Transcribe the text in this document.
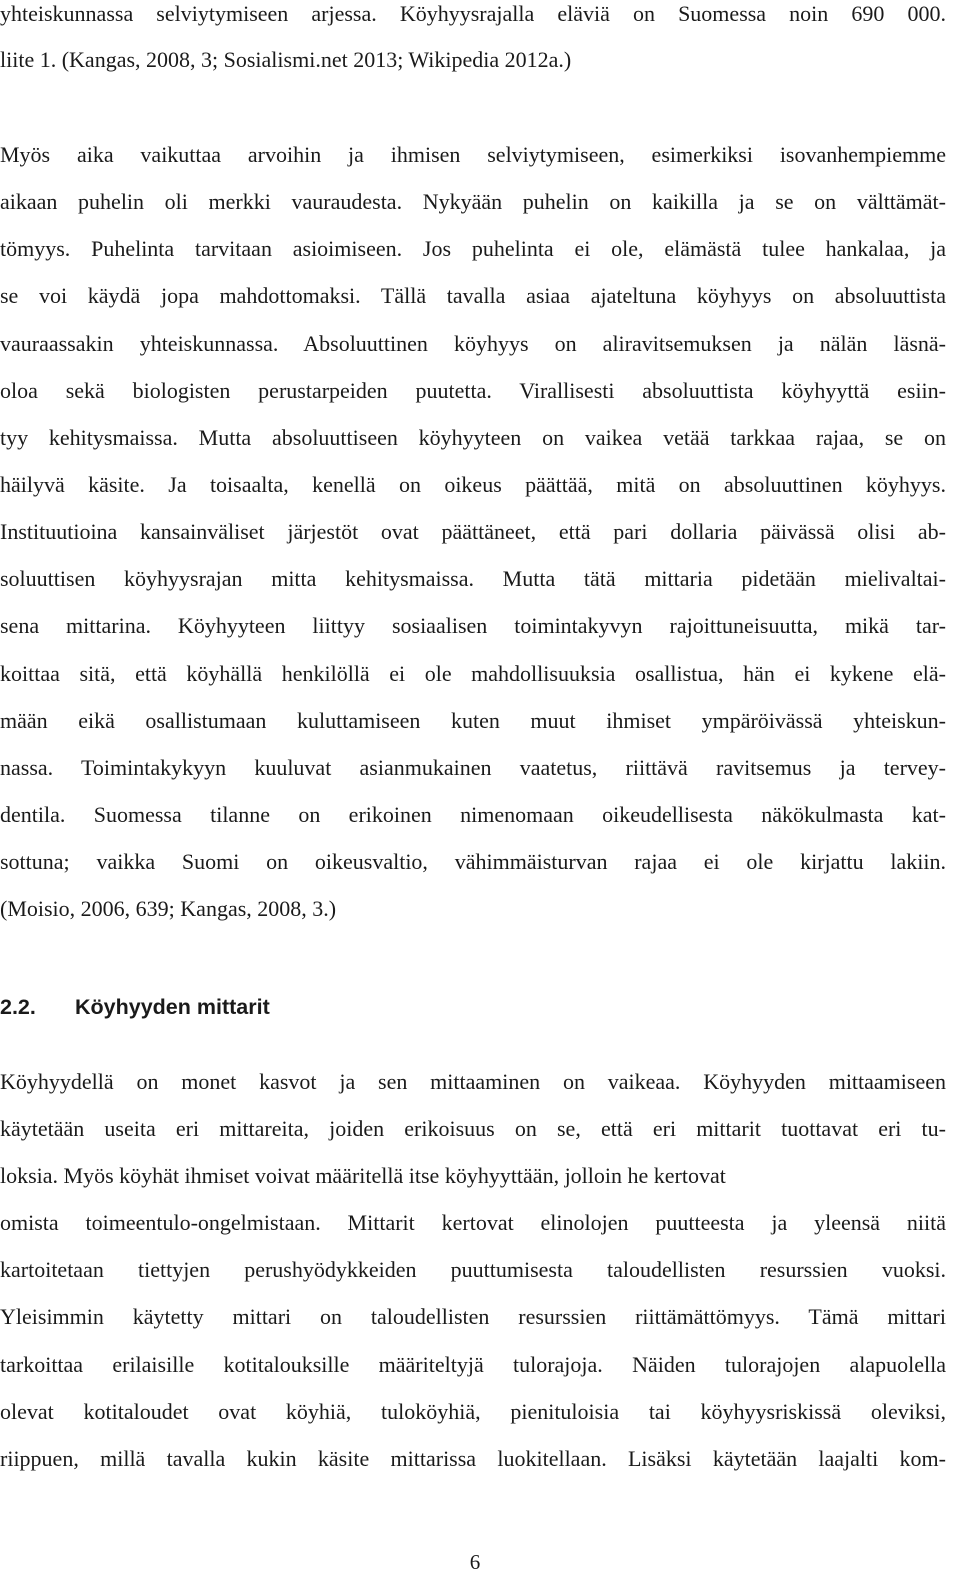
yhteiskunnassa selviytymiseen arjessa. Köyhyysrajalla eläviä on Suomessa noin 690 000.
liite 1. (Kangas, 2008, 3; Sosialismi.net 2013; Wikipedia 2012a.)
Myös aika vaikuttaa arvoihin ja ihmisen selviytymiseen, esimerkiksi isovanhempiemme
aikaan puhelin oli merkki vauraudesta. Nykyään puhelin on kaikilla ja se on välttämät-
tömyys. Puhelinta tarvitaan asioimiseen. Jos puhelinta ei ole, elämästä tulee hankalaa, ja
se voi käydä jopa mahdottomaksi. Tällä tavalla asiaa ajateltuna köyhyys on absoluuttista
vauraassakin yhteiskunnassa. Absoluuttinen köyhyys on aliravitsemuksen ja nälän läsnä-
oloa sekä biologisten perustarpeiden puutetta. Virallisesti absoluuttista köyhyyttä esiin-
tyy kehitysmaissa. Mutta absoluuttiseen köyhyyteen on vaikea vetää tarkkaa rajaa, se on
häilyvä käsite. Ja toisaalta, kenellä on oikeus päättää, mitä on absoluuttinen köyhyys.
Instituutioina kansainväliset järjestöt ovat päättäneet, että pari dollaria päivässä olisi ab-
soluuttisen köyhyysrajan mitta kehitysmaissa. Mutta tätä mittaria pidetään mielivaltai-
sena mittarina. Köyhyyteen liittyy sosiaalisen toimintakyvyn rajoittuneisuutta, mikä tar-
koittaa sitä, että köyhällä henkilöllä ei ole mahdollisuuksia osallistua, hän ei kykene elä-
mään eikä osallistumaan kuluttamiseen kuten muut ihmiset ympäröivässä yhteiskun-
nassa. Toimintakykyyn kuuluvat asianmukainen vaatetus, riittävä ravitsemus ja tervey-
dentila. Suomessa tilanne on erikoinen nimenomaan oikeudellisesta näkökulmasta kat-
sottuna; vaikka Suomi on oikeusvaltio, vähimmäisturvan rajaa ei ole kirjattu lakiin.
(Moisio, 2006, 639; Kangas, 2008, 3.)
2.2. Köyhyyden mittarit
Köyhyydellä on monet kasvot ja sen mittaaminen on vaikeaa. Köyhyyden mittaamiseen
käytetään useita eri mittareita, joiden erikoisuus on se, että eri mittarit tuottavat eri tu-
loksia. Myös köyhät ihmiset voivat määritellä itse köyhyyttään, jolloin he kertovat
omista toimeentulo-ongelmistaan. Mittarit kertovat elinolojen puutteesta ja yleensä niitä
kartoitetaan tiettyjen perushyödykkeiden puuttumisesta taloudellisten resurssien vuoksi.
Yleisimmin käytetty mittari on taloudellisten resurssien riittämättömyys. Tämä mittari
tarkoittaa erilaisille kotitalouksille määriteltyjä tulorajoja. Näiden tulorajojen alapuolella
olevat kotitaloudet ovat köyhiä, tuloköyhiä, pienituloisia tai köyhyysriskissä oleviksi,
riippuen, millä tavalla kukin käsite mittarissa luokitellaan. Lisäksi käytetään laajalti kom-
6
